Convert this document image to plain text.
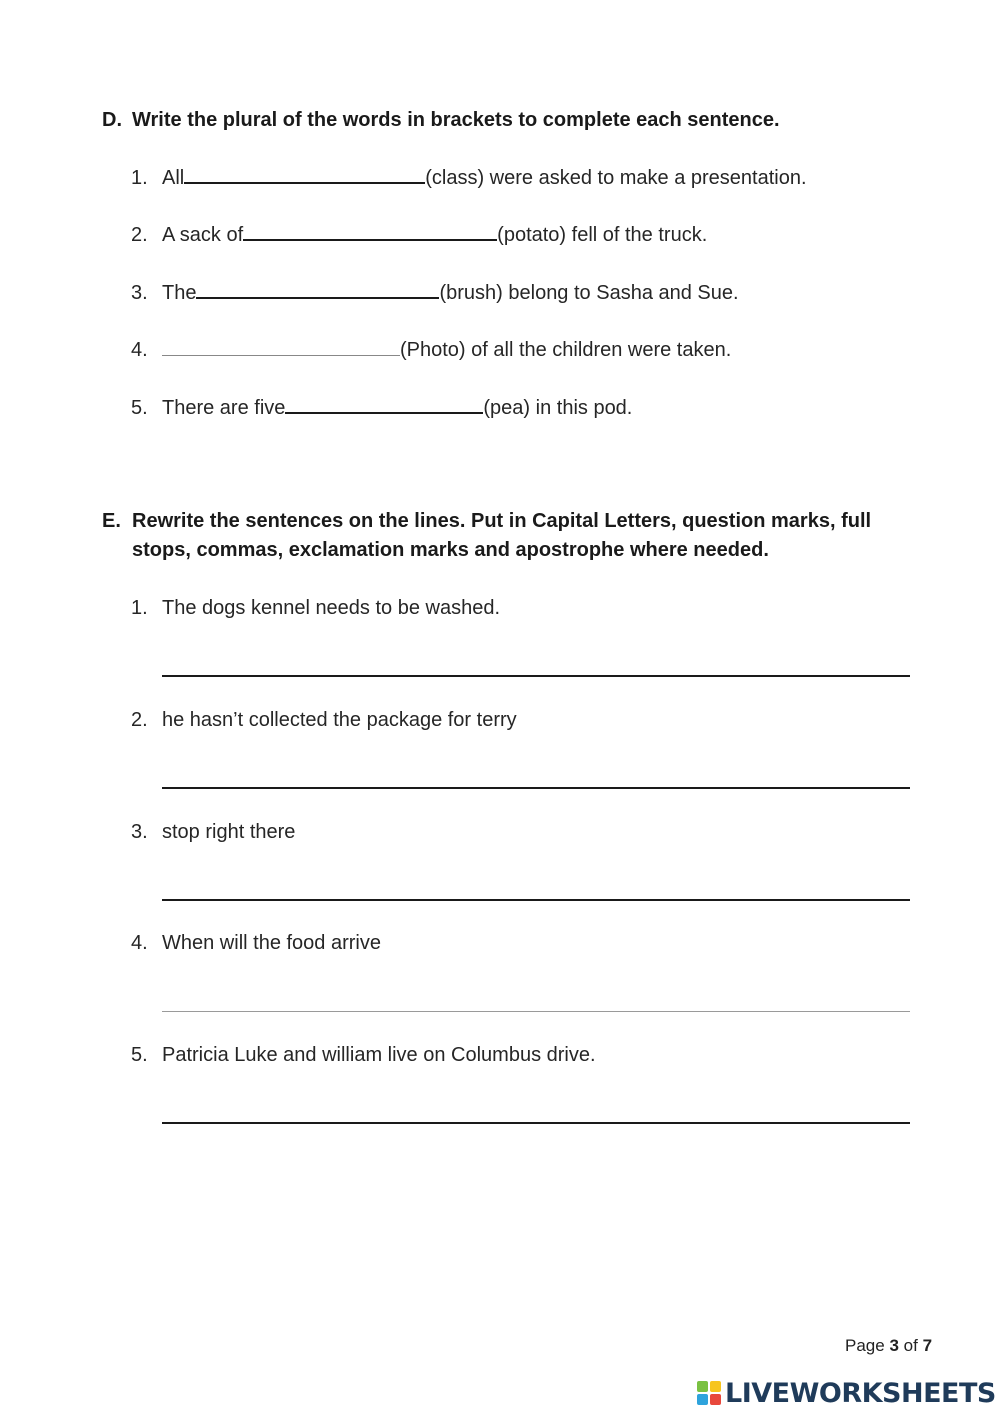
D. Write the plural of the words in brackets to complete each sentence.
1. All	(class) were asked to make a presentation.
2. A sack of	(potato) fell of the truck.
3. The	(brush) belong to Sasha and Sue.
4.	(Photo) of all the children were taken.
5. There are five	(pea) in this pod.
E. Rewrite the sentences on the lines. Put in Capital Letters, question marks, full stops, commas, exclamation marks and apostrophe where needed.
1. The dogs kennel needs to be washed.
2. he hasn’t collected the package for terry
3. stop right there
4. When will the food arrive
5. Patricia Luke and william live on Columbus drive.
Page 3 of 7
LIVEWORKSHEETS
